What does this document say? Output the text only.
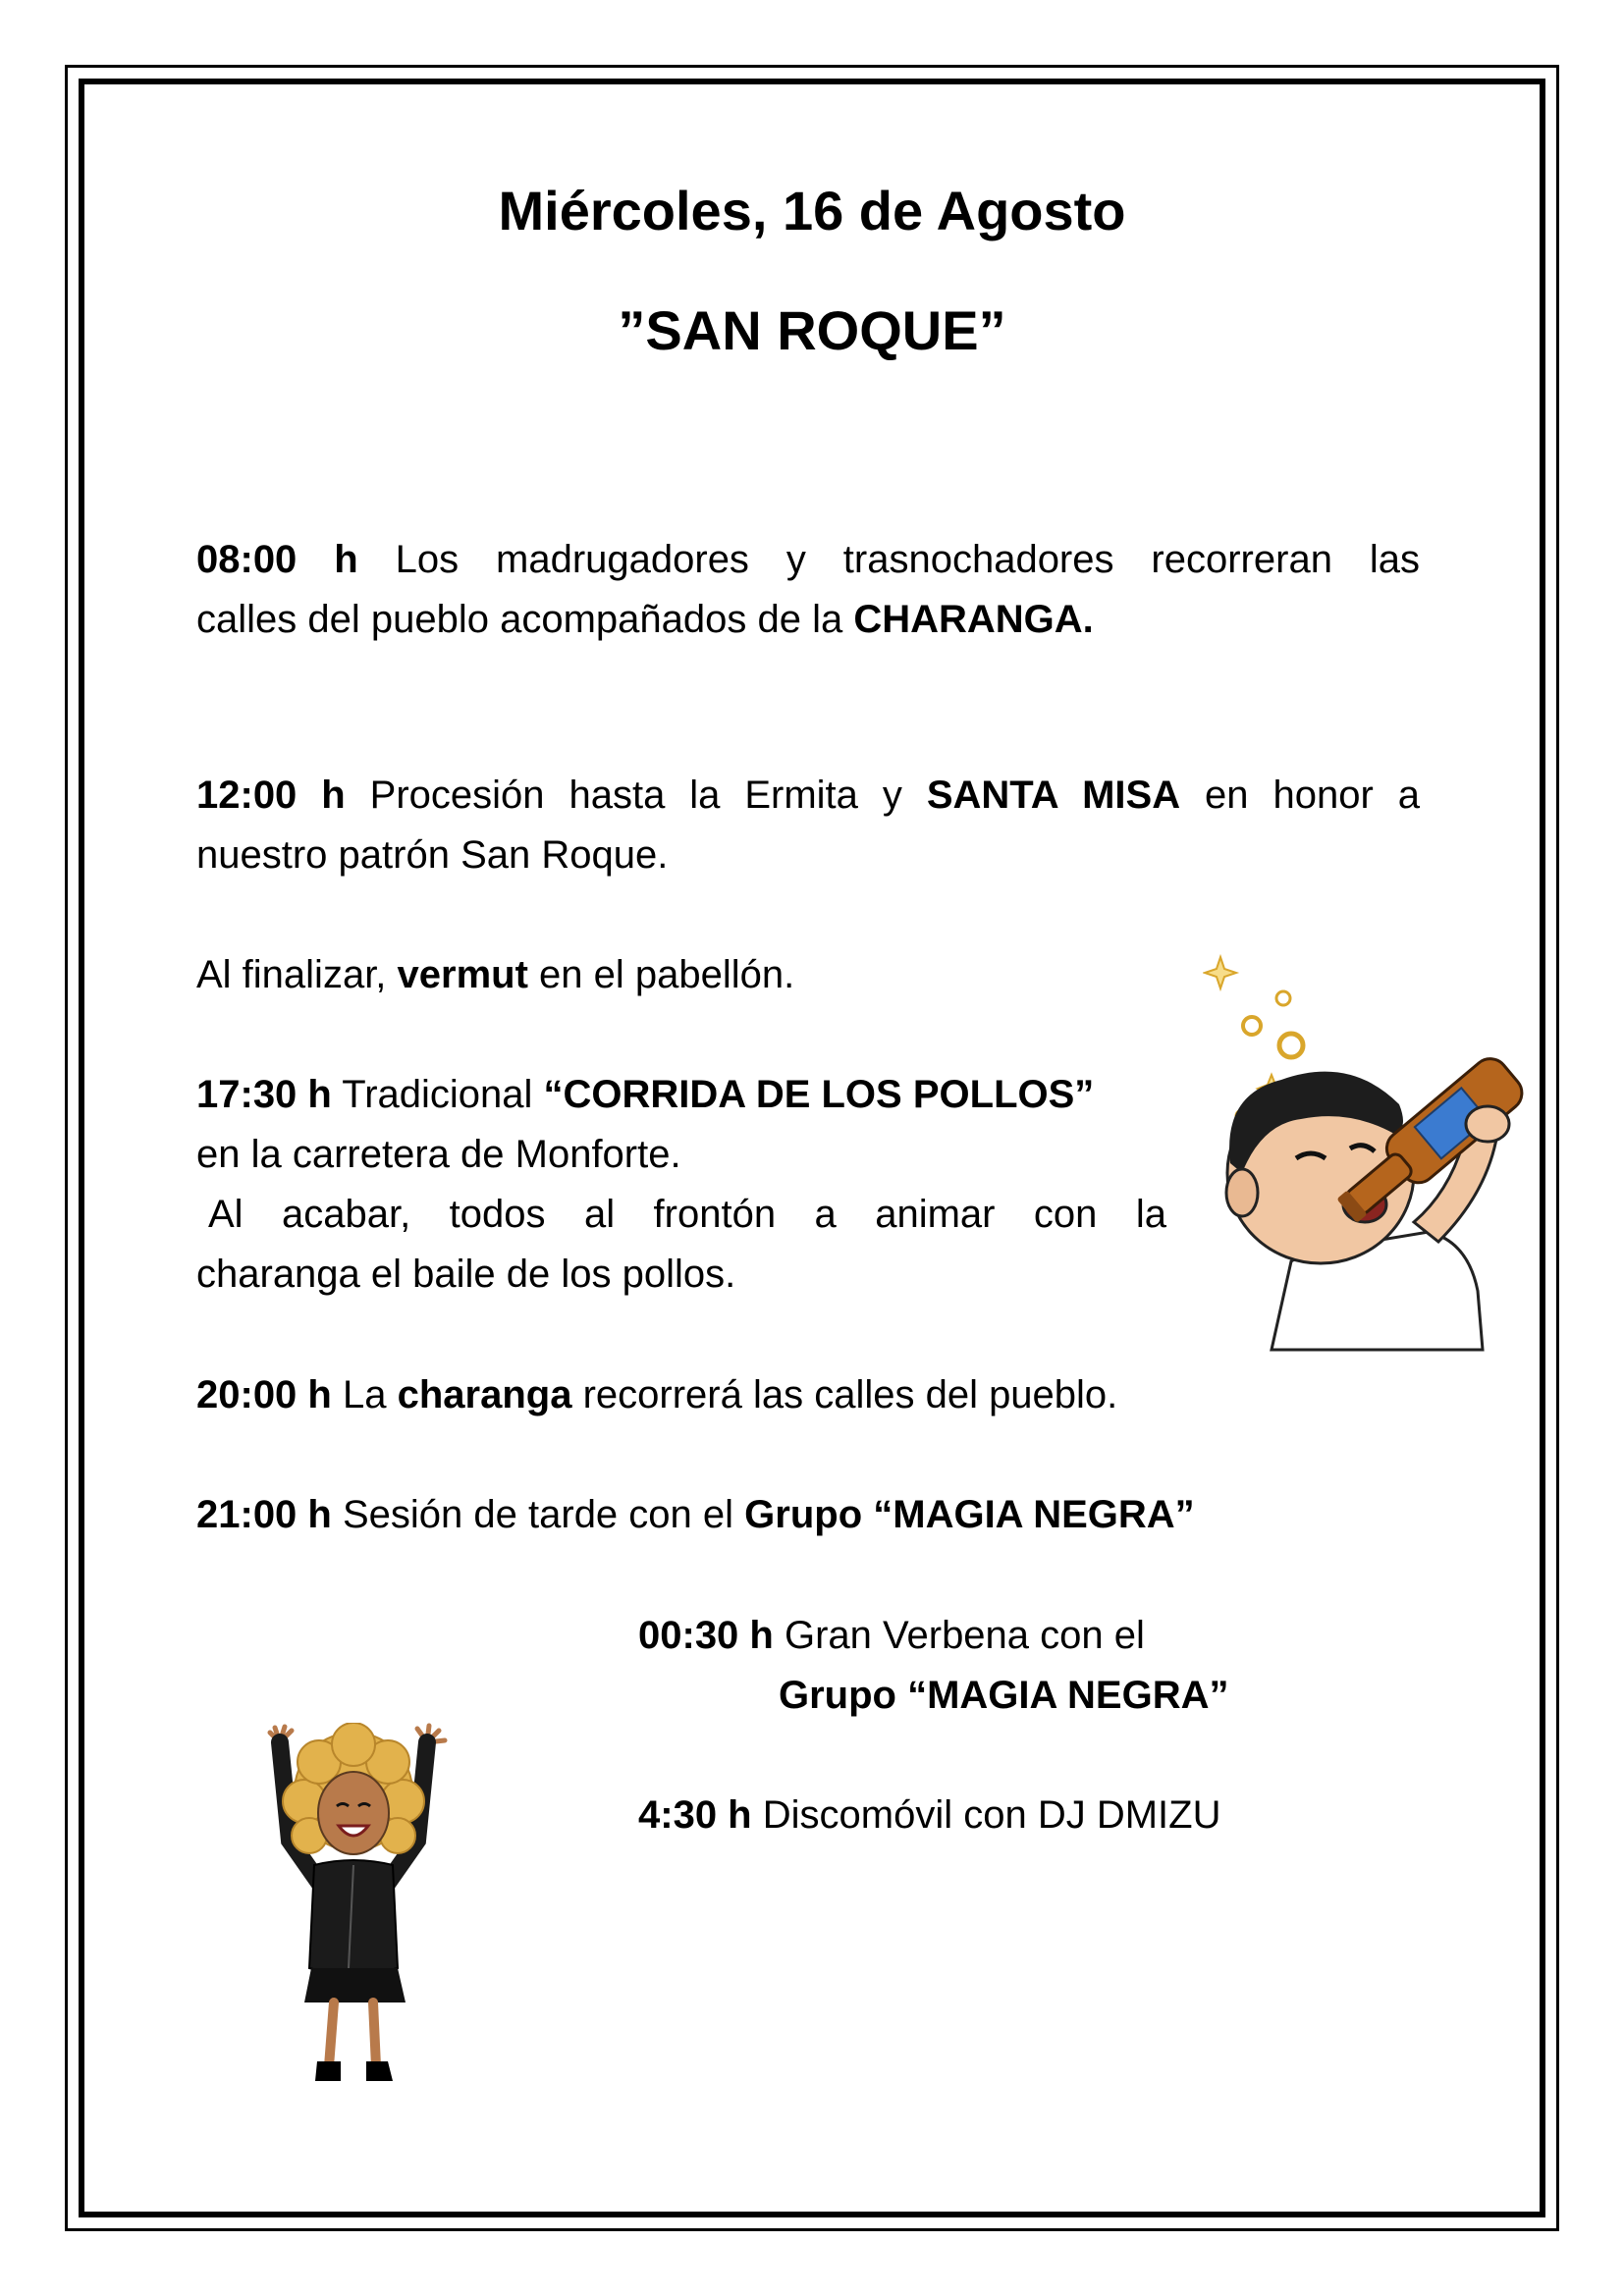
Miércoles, 16 de Agosto
”SAN ROQUE”
08:00 h Los madrugadores y trasnochadores recorreran las
calles del pueblo acompañados de la CHARANGA.
12:00 h Procesión hasta la Ermita y SANTA MISA en honor a
nuestro patrón San Roque.
Al finalizar, vermut en el pabellón.
17:30 h Tradicional “CORRIDA DE LOS POLLOS”
en la carretera de Monforte.
Al acabar, todos al frontón a animar con la
charanga el baile de los pollos.
20:00 h La charanga recorrerá las calles del pueblo.
21:00 h Sesión de tarde con el Grupo “MAGIA NEGRA”
00:30 h Gran Verbena con el
Grupo “MAGIA NEGRA”
4:30 h Discomóvil con DJ DMIZU
